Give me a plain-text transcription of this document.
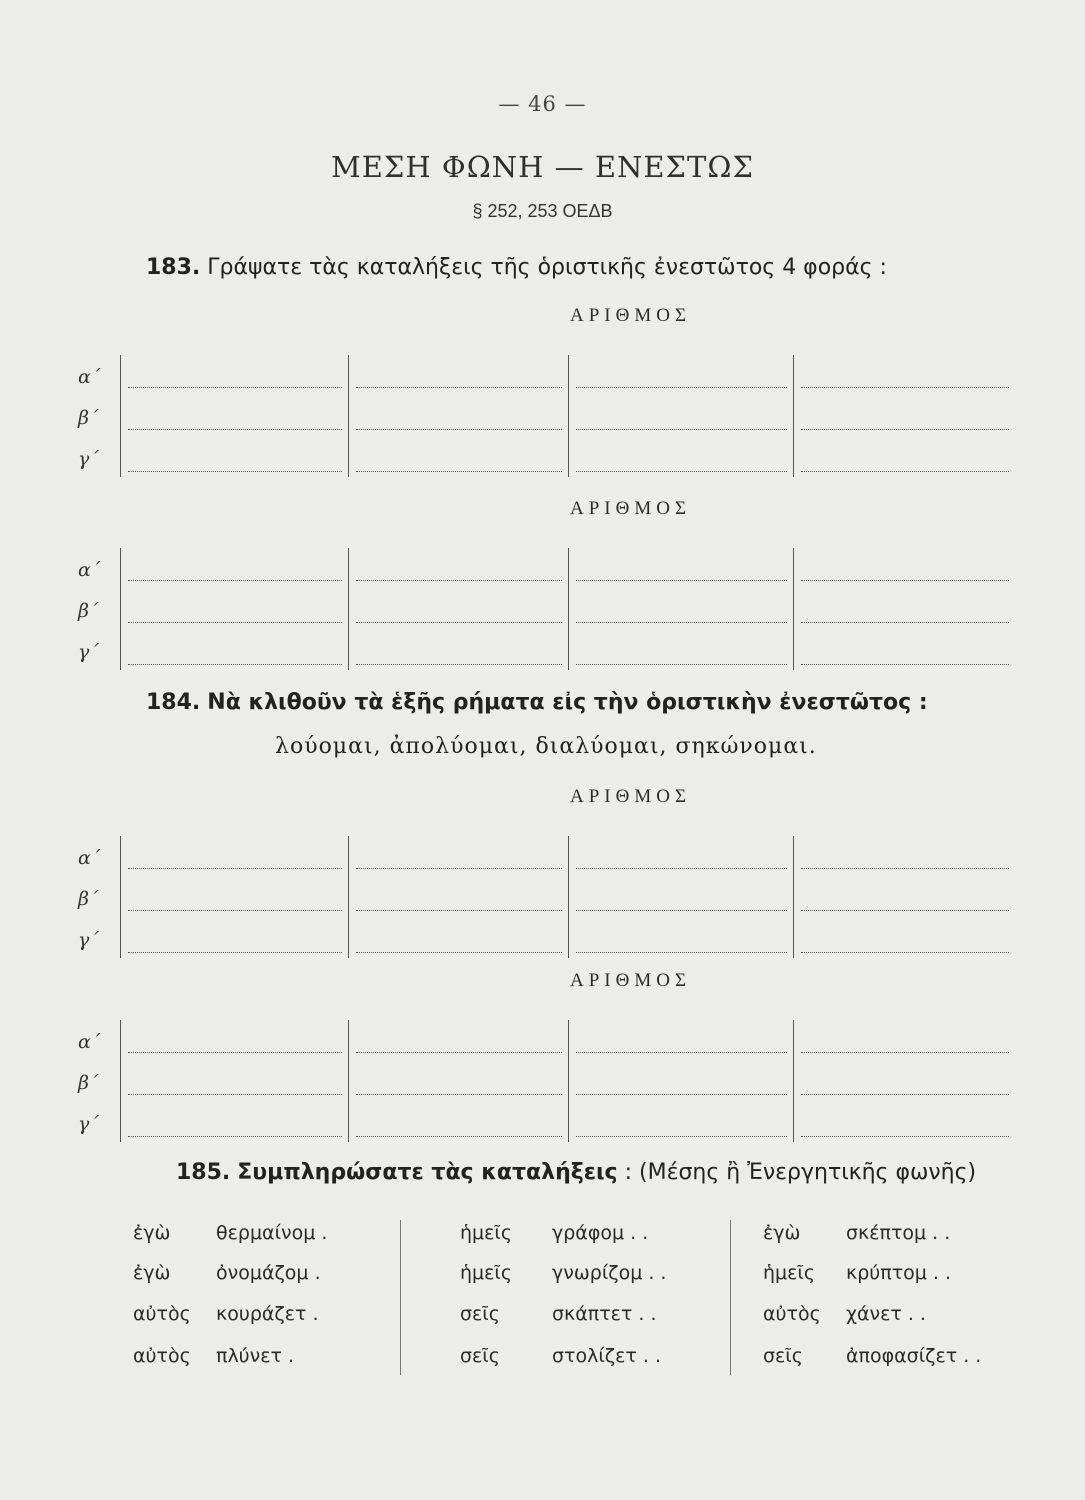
— 46 —
ΜΕΣΗ ΦΩΝΗ — ΕΝΕΣΤΩΣ
§ 252, 253 ΟΕΔΒ
183. Γράψατε τὰς καταλήξεις τῆς ὁριστικῆς ἐνεστῶτος 4 φοράς :
ΑΡΙΘΜΟΣ
α΄
β΄
γ΄
ΑΡΙΘΜΟΣ
α΄
β΄
γ΄
184. Νὰ κλιθοῦν τὰ ἑξῆς ρήματα εἰς τὴν ὁριστικὴν ἐνεστῶτος :
λούομαι, ἀπολύομαι, διαλύομαι, σηκώνομαι.
ΑΡΙΘΜΟΣ
α΄
β΄
γ΄
ΑΡΙΘΜΟΣ
α΄
β΄
γ΄
185. Συμπληρώσατε τὰς καταλήξεις : (Μέσης ἢ Ἐνεργητικῆς φωνῆς)
ἐγὼ θερμαίνομ .
ἐγὼ ὀνομάζομ .
αὐτὸς κουράζετ .
αὐτὸς πλύνετ .
ἡμεῖς γράφομ . .
ἡμεῖς γνωρίζομ . .
σεῖς	σκάπτετ . .
σεῖς	στολίζετ . .
ἐγὼ σκέπτομ . .
ἡμεῖς κρύπτομ . .
αὐτὸς χάνετ . .
σεῖς ἀποφασίζετ . .
